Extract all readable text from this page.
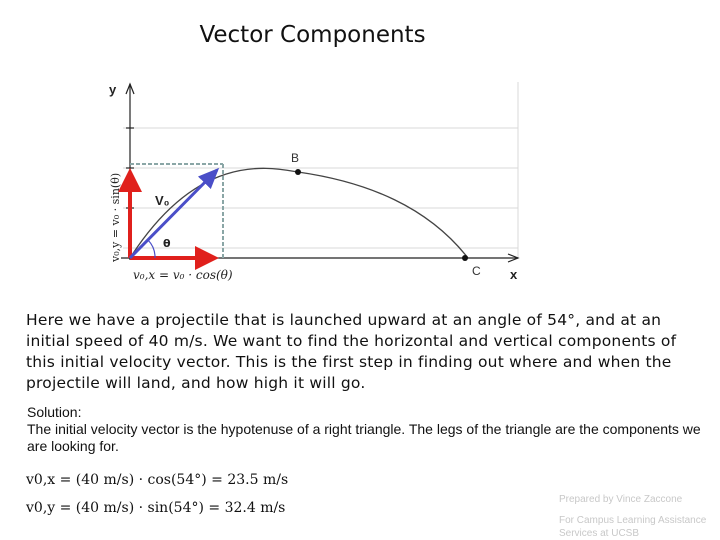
Vector Components
y
x
B
C
θ
V₀
v₀,y = v₀ · sin(θ)
v₀,x = v₀ · cos(θ)
Here we have a projectile that is launched upward at an angle of 54°, and at an initial speed of 40 m/s. We want to find the horizontal and vertical components of this initial velocity vector. This is the first step in finding out where and when the projectile will land, and how high it will go.
Solution:
The initial velocity vector is the hypotenuse of a right triangle. The legs of the triangle are the components we are looking for.
v0,x = (40 m/s) · cos(54°) = 23.5 m/s
v0,y = (40 m/s) · sin(54°) = 32.4 m/s
Prepared by Vince Zaccone
For Campus Learning Assistance Services at UCSB
